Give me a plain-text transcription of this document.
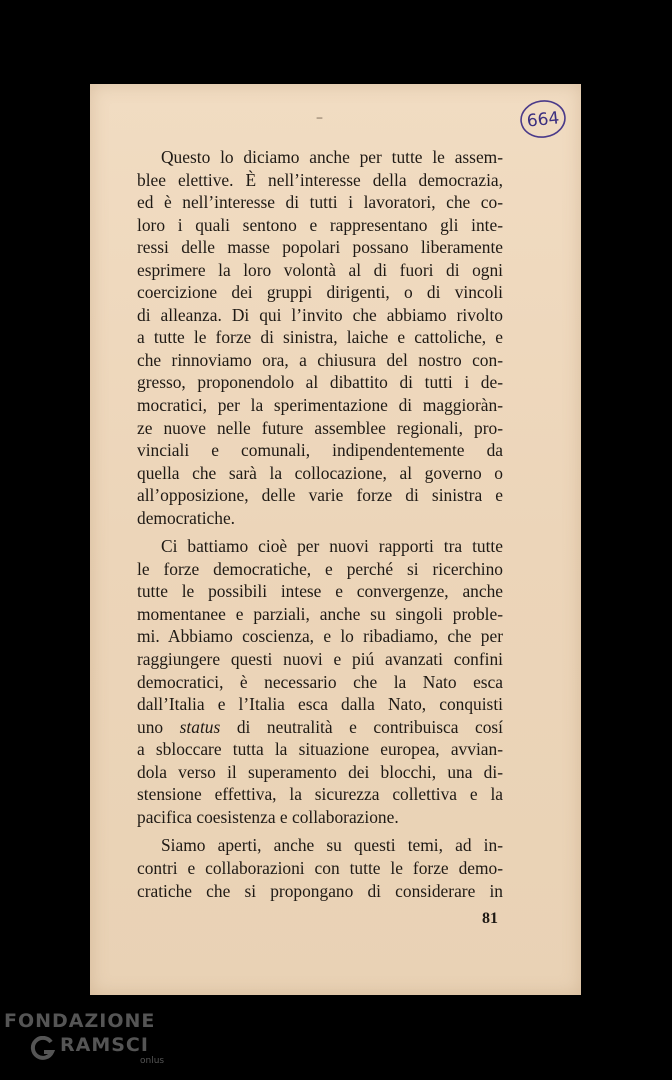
664
–
Questo lo diciamo anche per tutte le assem-
blee elettive. È nell’interesse della democrazia,
ed è nell’interesse di tutti i lavoratori, che co-
loro i quali sentono e rappresentano gli inte-
ressi delle masse popolari possano liberamente
esprimere la loro volontà al di fuori di ogni
coercizione dei gruppi dirigenti, o di vincoli
di alleanza. Di qui l’invito che abbiamo rivolto
a tutte le forze di sinistra, laiche e cattoliche, e
che rinnoviamo ora, a chiusura del nostro con-
gresso, proponendolo al dibattito di tutti i de-
mocratici, per la sperimentazione di maggioràn-
ze nuove nelle future assemblee regionali, pro-
vinciali e comunali, indipendentemente da
quella che sarà la collocazione, al governo o
all’opposizione, delle varie forze di sinistra e
democratiche.
Ci battiamo cioè per nuovi rapporti tra tutte
le forze democratiche, e perché si ricerchino
tutte le possibili intese e convergenze, anche
momentanee e parziali, anche su singoli proble-
mi. Abbiamo coscienza, e lo ribadiamo, che per
raggiungere questi nuovi e piú avanzati confini
democratici, è necessario che la Nato esca
dall’Italia e l’Italia esca dalla Nato, conquisti
uno status di neutralità e contribuisca cosí
a sbloccare tutta la situazione europea, avvian-
dola verso il superamento dei blocchi, una di-
stensione effettiva, la sicurezza collettiva e la
pacifica coesistenza e collaborazione.
Siamo aperti, anche su questi temi, ad in-
contri e collaborazioni con tutte le forze demo-
cratiche che si propongano di considerare in
81
FONDAZIONE
RAMSCI
onlus
